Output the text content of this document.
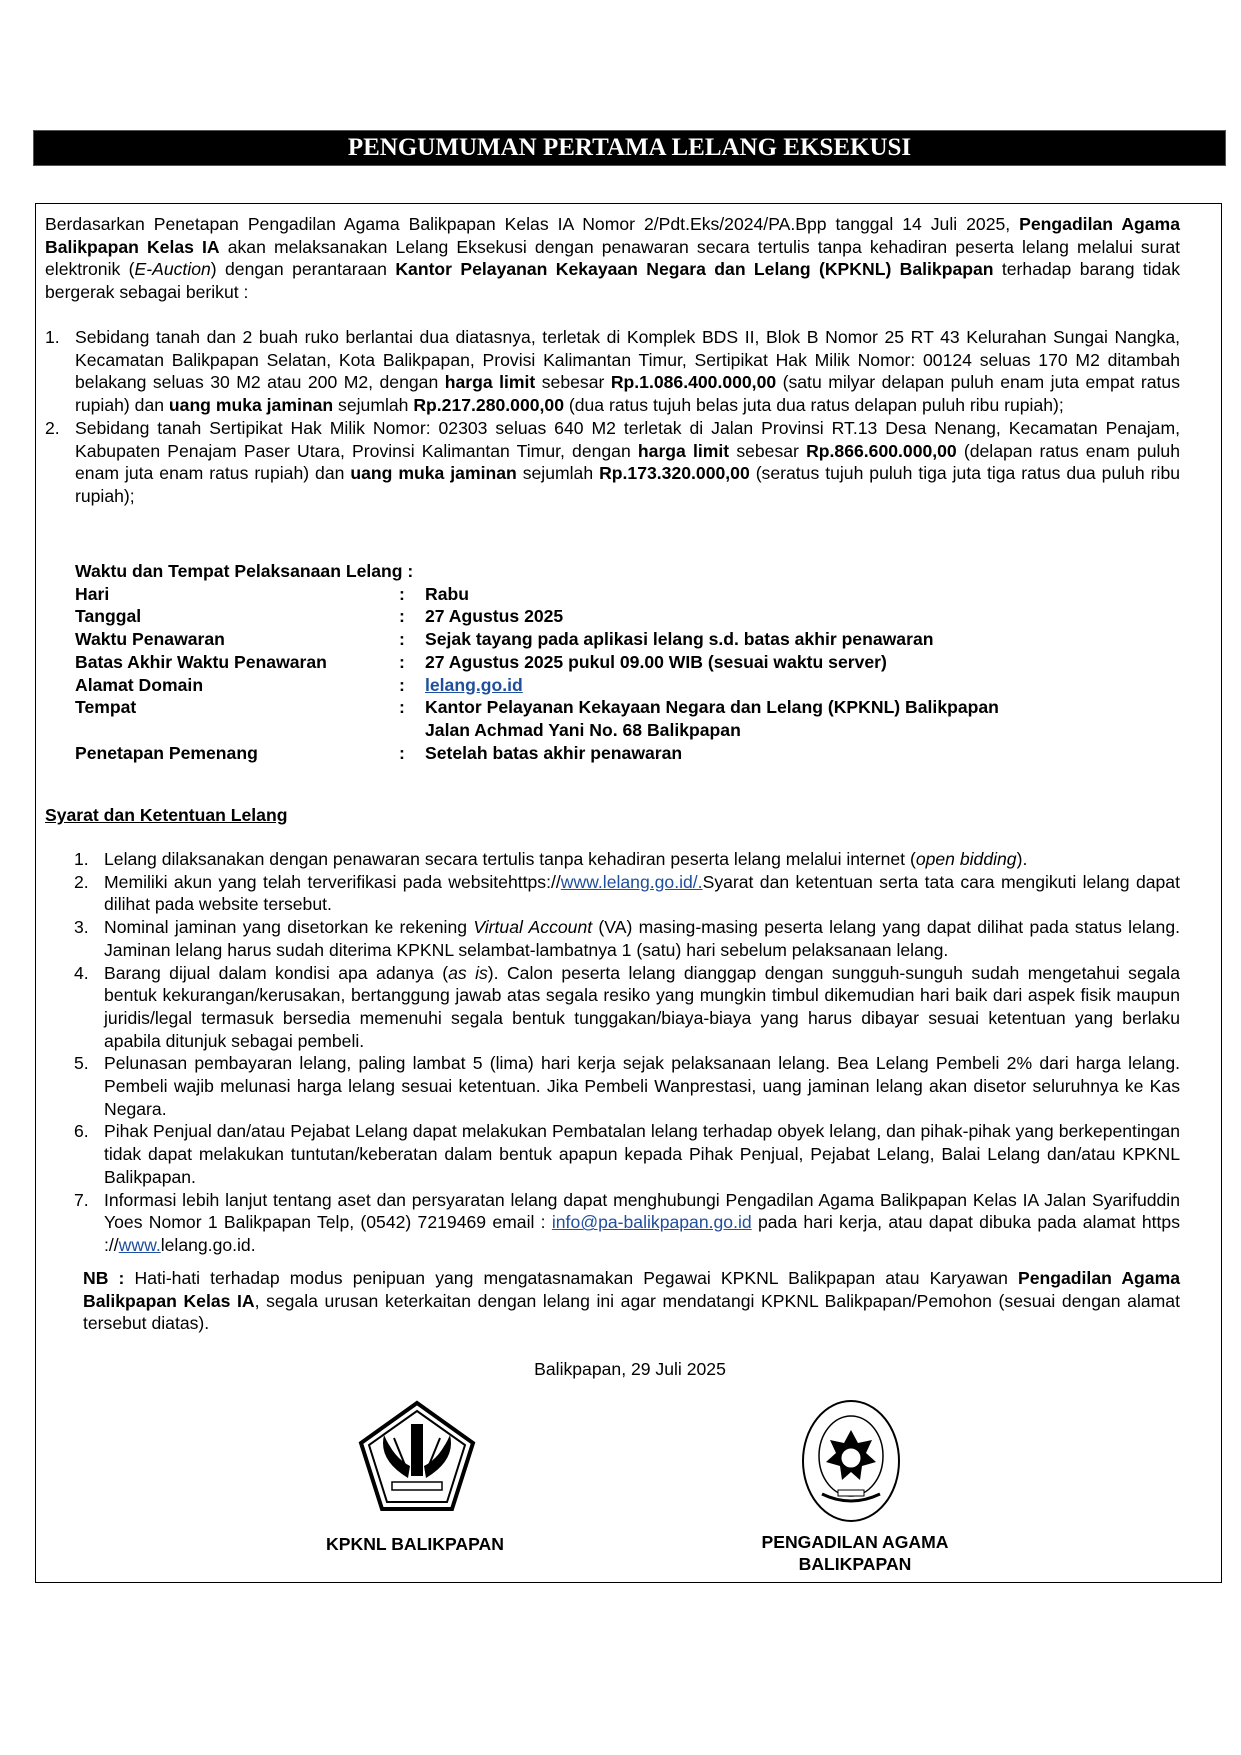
PENGUMUMAN PERTAMA LELANG EKSEKUSI

Berdasarkan Penetapan Pengadilan Agama Balikpapan Kelas IA Nomor 2/Pdt.Eks/2024/PA.Bpp tanggal 14 Juli 2025, Pengadilan Agama Balikpapan Kelas IA akan melaksanakan Lelang Eksekusi dengan penawaran secara tertulis tanpa kehadiran peserta lelang melalui surat elektronik (E-Auction) dengan perantaraan Kantor Pelayanan Kekayaan Negara dan Lelang (KPKNL) Balikpapan terhadap barang tidak bergerak sebagai berikut :

1. Sebidang tanah dan 2 buah ruko berlantai dua diatasnya, terletak di Komplek BDS II, Blok B Nomor 25 RT 43 Kelurahan Sungai Nangka, Kecamatan Balikpapan Selatan, Kota Balikpapan, Provisi Kalimantan Timur, Sertipikat Hak Milik Nomor: 00124 seluas 170 M2 ditambah belakang seluas 30 M2 atau 200 M2, dengan harga limit sebesar Rp.1.086.400.000,00 (satu milyar delapan puluh enam juta empat ratus rupiah) dan uang muka jaminan sejumlah Rp.217.280.000,00 (dua ratus tujuh belas juta dua ratus delapan puluh ribu rupiah);
2. Sebidang tanah Sertipikat Hak Milik Nomor: 02303 seluas 640 M2 terletak di Jalan Provinsi RT.13 Desa Nenang, Kecamatan Penajam, Kabupaten Penajam Paser Utara, Provinsi Kalimantan Timur, dengan harga limit sebesar Rp.866.600.000,00 (delapan ratus enam puluh enam juta enam ratus rupiah) dan uang muka jaminan sejumlah Rp.173.320.000,00 (seratus tujuh puluh tiga juta tiga ratus dua puluh ribu rupiah);
Waktu dan Tempat Pelaksanaan Lelang :
Hari	:	Rabu
Tanggal	:	27 Agustus 2025
Waktu Penawaran	:	Sejak tayang pada aplikasi lelang s.d. batas akhir penawaran
Batas Akhir Waktu Penawaran	:	27 Agustus 2025 pukul 09.00 WIB (sesuai waktu server)
Alamat Domain	:	lelang.go.id
Tempat	:	Kantor Pelayanan Kekayaan Negara dan Lelang (KPKNL) Balikpapan
Jalan Achmad Yani No. 68 Balikpapan
Penetapan Pemenang	:	Setelah batas akhir penawaran
Syarat dan Ketentuan Lelang
1. Lelang dilaksanakan dengan penawaran secara tertulis tanpa kehadiran peserta lelang melalui internet (open bidding).
2. Memiliki akun yang telah terverifikasi pada websitehttps://www.lelang.go.id/.Syarat dan ketentuan serta tata cara mengikuti lelang dapat dilihat pada website tersebut.
3. Nominal jaminan yang disetorkan ke rekening Virtual Account (VA) masing-masing peserta lelang yang dapat dilihat pada status lelang. Jaminan lelang harus sudah diterima KPKNL selambat-lambatnya 1 (satu) hari sebelum pelaksanaan lelang.
4. Barang dijual dalam kondisi apa adanya (as is). Calon peserta lelang dianggap dengan sungguh-sunguh sudah mengetahui segala bentuk kekurangan/kerusakan, bertanggung jawab atas segala resiko yang mungkin timbul dikemudian hari baik dari aspek fisik maupun juridis/legal termasuk bersedia memenuhi segala bentuk tunggakan/biaya-biaya yang harus dibayar sesuai ketentuan yang berlaku apabila ditunjuk sebagai pembeli.
5. Pelunasan pembayaran lelang, paling lambat 5 (lima) hari kerja sejak pelaksanaan lelang. Bea Lelang Pembeli 2% dari harga lelang. Pembeli wajib melunasi harga lelang sesuai ketentuan. Jika Pembeli Wanprestasi, uang jaminan lelang akan disetor seluruhnya ke Kas Negara.
6. Pihak Penjual dan/atau Pejabat Lelang dapat melakukan Pembatalan lelang terhadap obyek lelang, dan pihak-pihak yang berkepentingan tidak dapat melakukan tuntutan/keberatan dalam bentuk apapun kepada Pihak Penjual, Pejabat Lelang, Balai Lelang dan/atau KPKNL Balikpapan.
7. Informasi lebih lanjut tentang aset dan persyaratan lelang dapat menghubungi Pengadilan Agama Balikpapan Kelas IA Jalan Syarifuddin Yoes Nomor 1 Balikpapan Telp, (0542) 7219469 email : info@pa-balikpapan.go.id pada hari kerja, atau dapat dibuka pada alamat https ://www.lelang.go.id.

NB : Hati-hati terhadap modus penipuan yang mengatasnamakan Pegawai KPKNL Balikpapan atau Karyawan Pengadilan Agama Balikpapan Kelas IA, segala urusan keterkaitan dengan lelang ini agar mendatangi KPKNL Balikpapan/Pemohon (sesuai dengan alamat tersebut diatas).

Balikpapan, 29 Juli 2025
KPKNL BALIKPAPAN	PENGADILAN AGAMA
BALIKPAPAN
